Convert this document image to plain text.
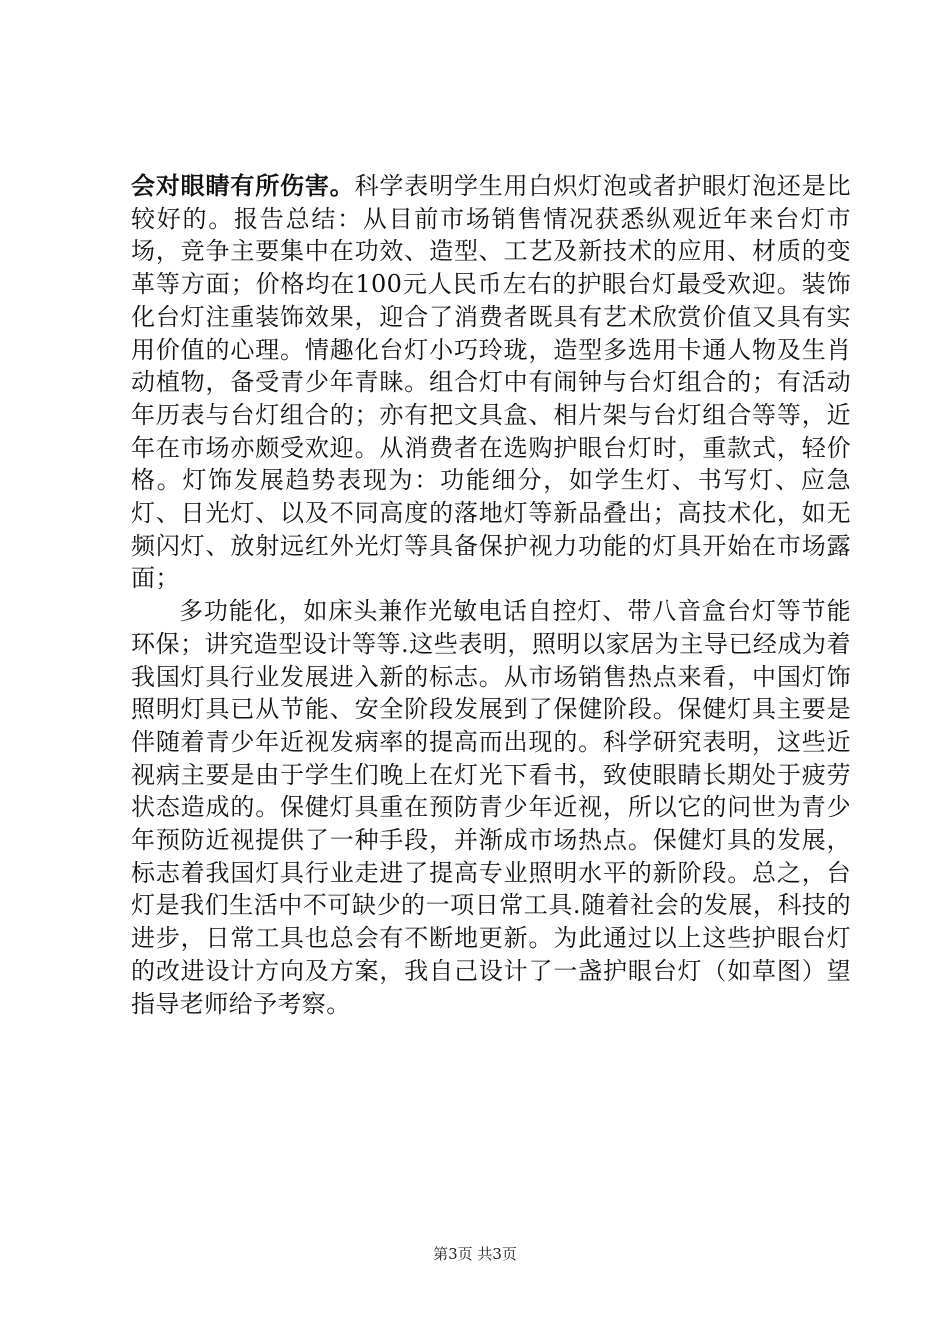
会对眼睛有所伤害。科学表明学生用白炽灯泡或者护眼灯泡还是比较好的。报告总结：从目前市场销售情况获悉纵观近年来台灯市场，竞争主要集中在功效、造型、工艺及新技术的应用、材质的变革等方面；价格均在100元人民币左右的护眼台灯最受欢迎。装饰化台灯注重装饰效果，迎合了消费者既具有艺术欣赏价值又具有实用价值的心理。情趣化台灯小巧玲珑，造型多选用卡通人物及生肖动植物，备受青少年青睐。组合灯中有闹钟与台灯组合的；有活动年历表与台灯组合的；亦有把文具盒、相片架与台灯组合等等，近年在市场亦颇受欢迎。从消费者在选购护眼台灯时，重款式，轻价格。灯饰发展趋势表现为：功能细分，如学生灯、书写灯、应急灯、日光灯、以及不同高度的落地灯等新品叠出；高技术化，如无频闪灯、放射远红外光灯等具备保护视力功能的灯具开始在市场露面；

多功能化，如床头兼作光敏电话自控灯、带八音盒台灯等节能环保；讲究造型设计等等.这些表明，照明以家居为主导已经成为着我国灯具行业发展进入新的标志。从市场销售热点来看，中国灯饰照明灯具已从节能、安全阶段发展到了保健阶段。保健灯具主要是伴随着青少年近视发病率的提高而出现的。科学研究表明，这些近视病主要是由于学生们晚上在灯光下看书，致使眼睛长期处于疲劳状态造成的。保健灯具重在预防青少年近视，所以它的问世为青少年预防近视提供了一种手段，并渐成市场热点。保健灯具的发展，标志着我国灯具行业走进了提高专业照明水平的新阶段。总之，台灯是我们生活中不可缺少的一项日常工具.随着社会的发展，科技的进步，日常工具也总会有不断地更新。为此通过以上这些护眼台灯的改进设计方向及方案，我自己设计了一盏护眼台灯（如草图）望指导老师给予考察。

第3页 共3页
